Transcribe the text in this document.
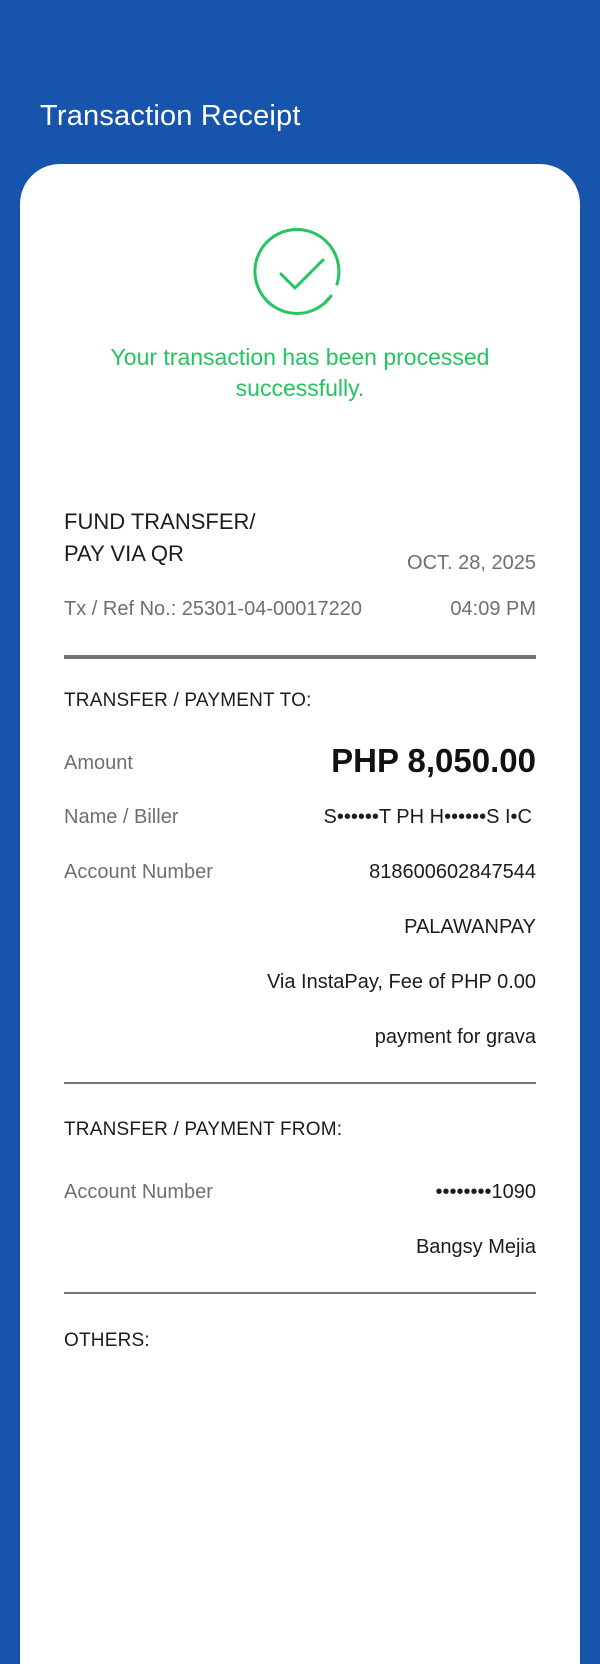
Transaction Receipt
Your transaction has been processed successfully.
FUND TRANSFER/
PAY VIA QR	OCT. 28, 2025
Tx / Ref No.: 25301-04-00017220	04:09 PM
TRANSFER / PAYMENT TO:
Amount	PHP 8,050.00
Name / Biller	S••••••T PH H••••••S I•C
Account Number	818600602847544
PALAWANPAY
Via InstaPay, Fee of PHP 0.00
payment for grava
TRANSFER / PAYMENT FROM:
Account Number	••••••••1090
Bangsy Mejia
OTHERS:
